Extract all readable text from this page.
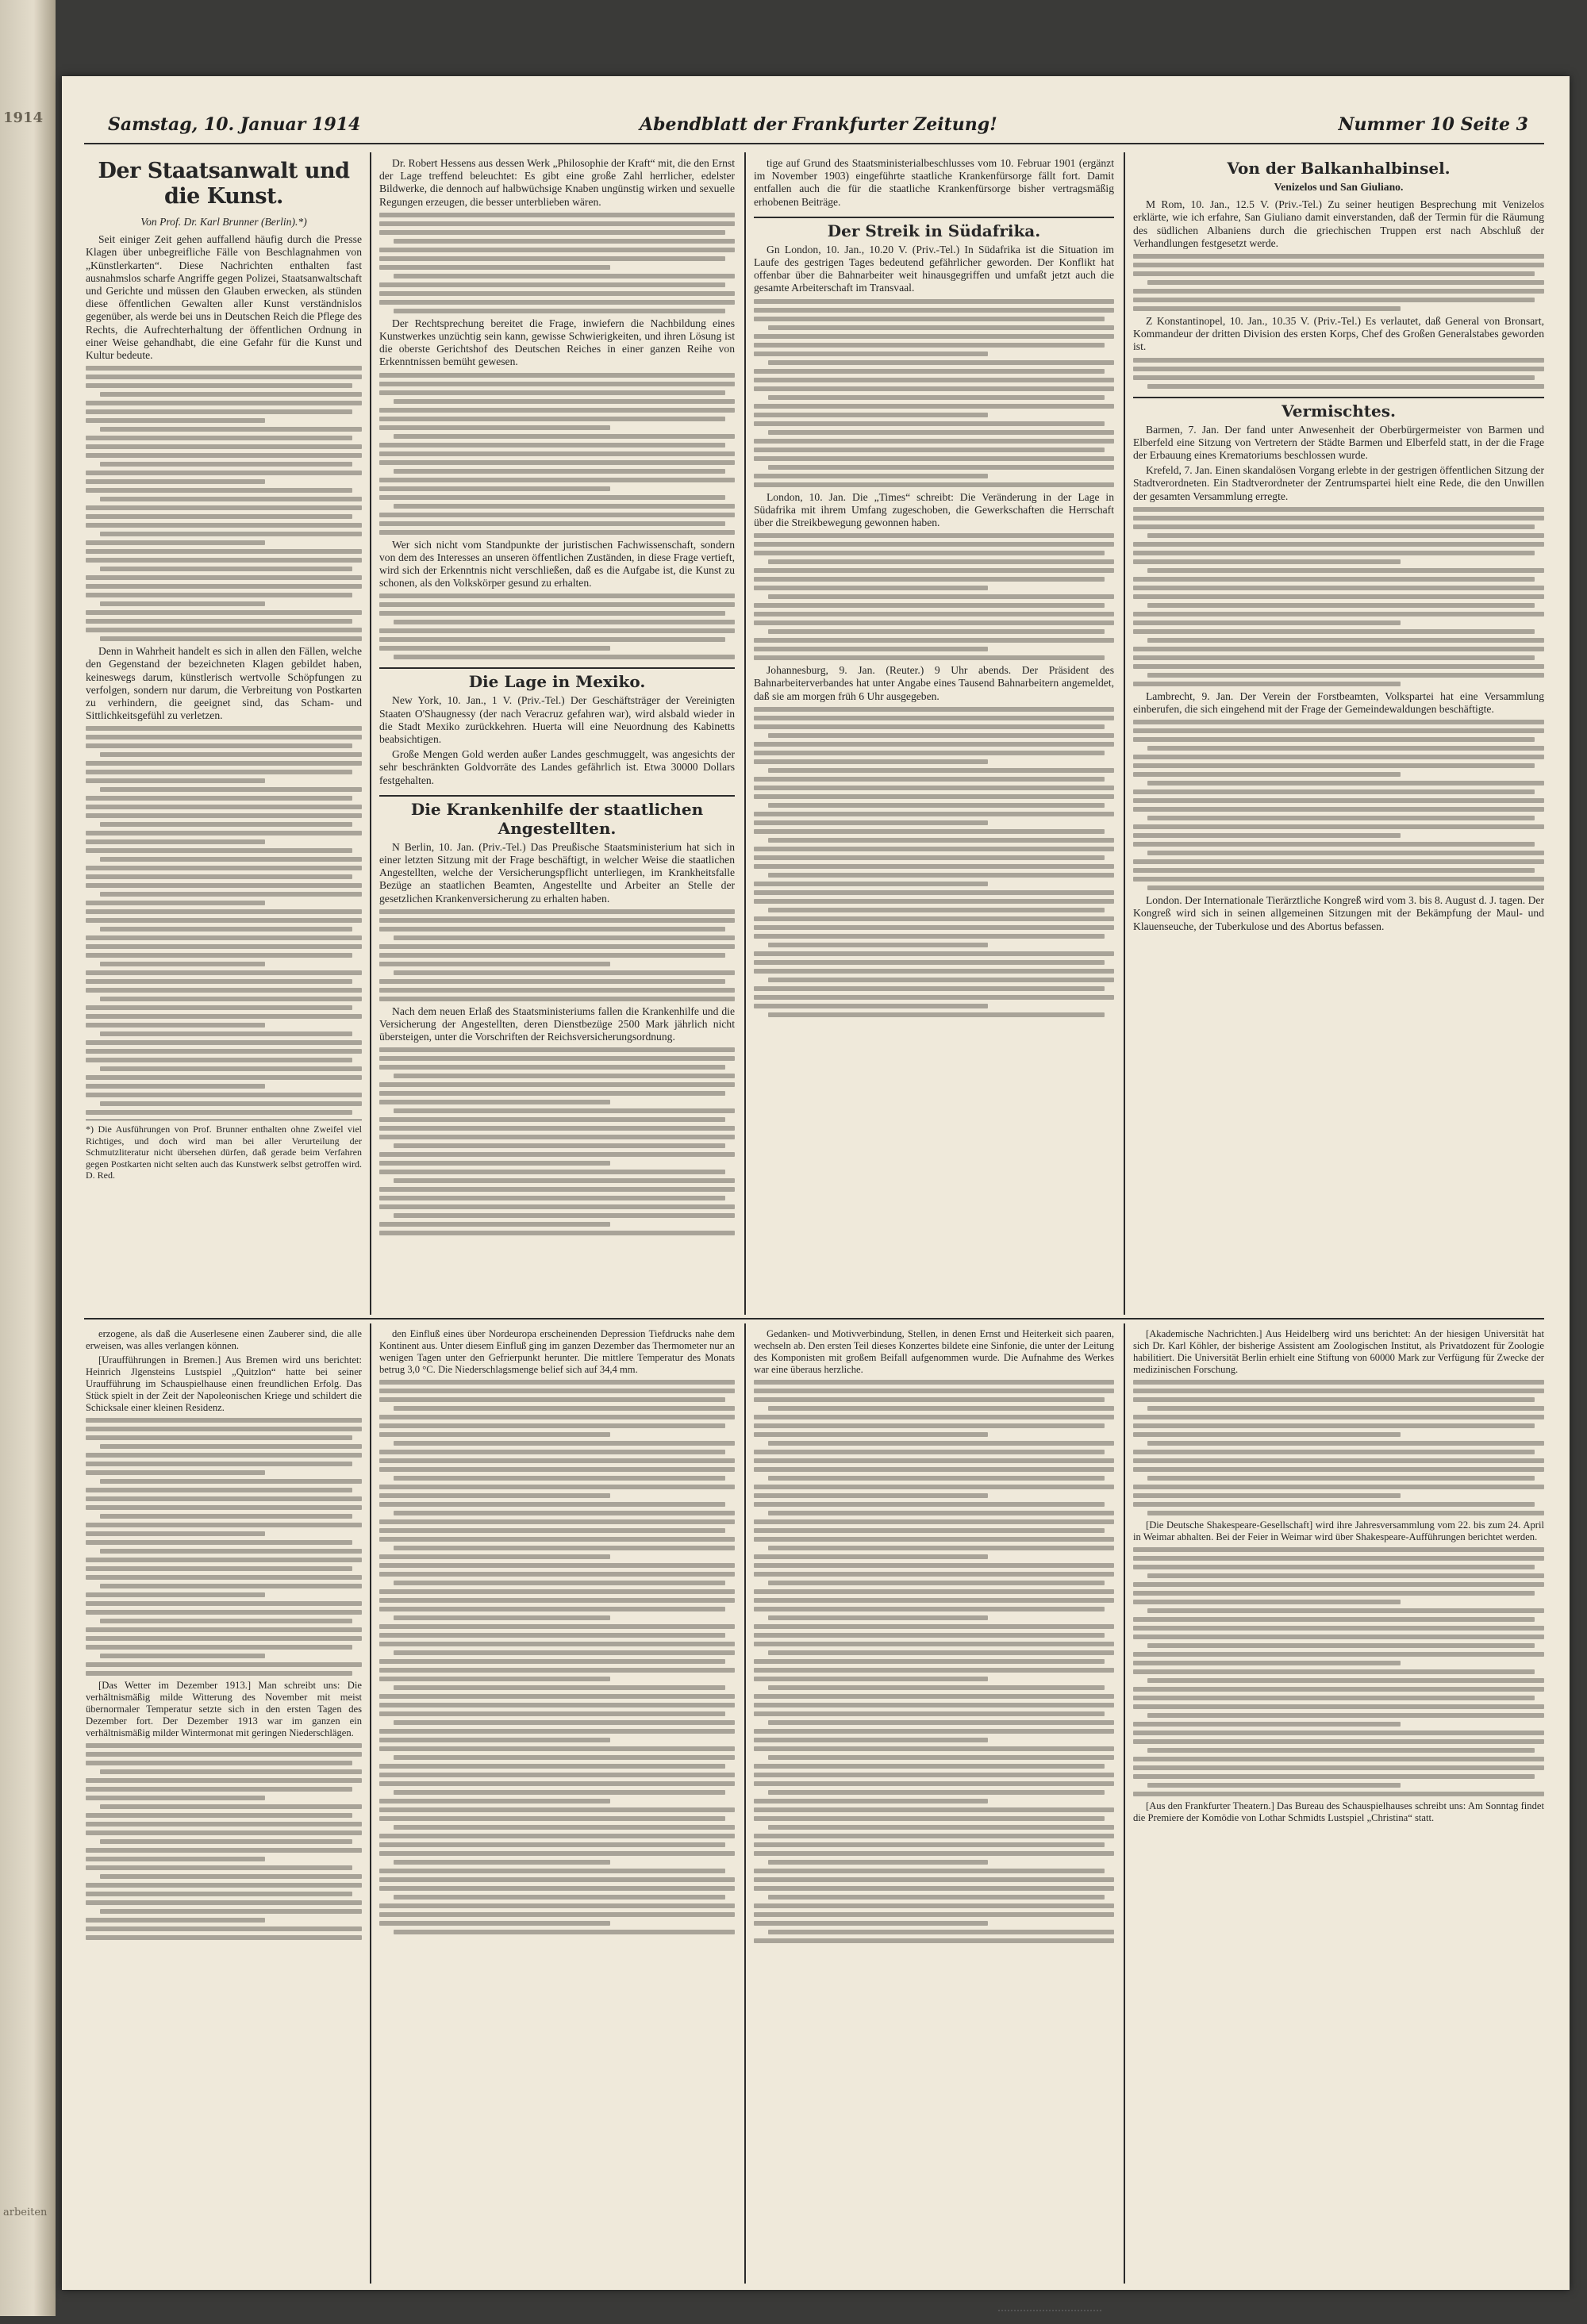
1914
arbeiten
Samstag, 10. Januar 1914	Abendblatt der Frankfurter Zeitung!	Nummer 10 Seite 3
Der Staatsanwalt und die Kunst.
Von Prof. Dr. Karl Brunner (Berlin).*)

Seit einiger Zeit gehen auffallend häufig durch die Presse Klagen über unbegreifliche Fälle von Beschlagnahmen von „Künstlerkarten“. Diese Nachrichten enthalten fast ausnahmslos scharfe Angriffe gegen Polizei, Staatsanwaltschaft und Gerichte und müssen den Glauben erwecken, als stünden diese öffentlichen Gewalten aller Kunst verständnislos gegenüber, als werde bei uns in Deutschen Reich die Pflege des Rechts, die Aufrechterhaltung der öffentlichen Ordnung in einer Weise gehandhabt, die eine Gefahr für die Kunst und Kultur bedeute.

Denn in Wahrheit handelt es sich in allen den Fällen, welche den Gegenstand der bezeichneten Klagen gebildet haben, keineswegs darum, künstlerisch wertvolle Schöpfungen zu verfolgen, sondern nur darum, die Verbreitung von Postkarten zu verhindern, die geeignet sind, das Scham- und Sittlichkeitsgefühl zu verletzen.

*) Die Ausführungen von Prof. Brunner enthalten ohne Zweifel viel Richtiges, und doch wird man bei aller Verurteilung der Schmutzliteratur nicht übersehen dürfen, daß gerade beim Verfahren gegen Postkarten nicht selten auch das Kunstwerk selbst getroffen wird. D. Red.

Dr. Robert Hessens aus dessen Werk „Philosophie der Kraft“ mit, die den Ernst der Lage treffend beleuchtet: Es gibt eine große Zahl herrlicher, edelster Bildwerke, die dennoch auf halbwüchsige Knaben ungünstig wirken und sexuelle Regungen erzeugen, die besser unterblieben wären.

Der Rechtsprechung bereitet die Frage, inwiefern die Nachbildung eines Kunstwerkes unzüchtig sein kann, gewisse Schwierigkeiten, und ihren Lösung ist die oberste Gerichtshof des Deutschen Reiches in einer ganzen Reihe von Erkenntnissen bemüht gewesen.

Wer sich nicht vom Standpunkte der juristischen Fachwissenschaft, sondern von dem des Interesses an unseren öffentlichen Zuständen, in diese Frage vertieft, wird sich der Erkenntnis nicht verschließen, daß es die Aufgabe ist, die Kunst zu schonen, als den Volkskörper gesund zu erhalten.

Die Lage in Mexiko.

New York, 10. Jan., 1 V. (Priv.-Tel.) Der Geschäftsträger der Vereinigten Staaten O'Shaugnessy (der nach Veracruz gefahren war), wird alsbald wieder in die Stadt Mexiko zurückkehren. Huerta will eine Neuordnung des Kabinetts beabsichtigen.

Große Mengen Gold werden außer Landes geschmuggelt, was angesichts der sehr beschränkten Goldvorräte des Landes gefährlich ist. Etwa 30000 Dollars festgehalten.

Die Krankenhilfe der staatlichen Angestellten.

N Berlin, 10. Jan. (Priv.-Tel.) Das Preußische Staatsministerium hat sich in einer letzten Sitzung mit der Frage beschäftigt, in welcher Weise die staatlichen Angestellten, welche der Versicherungspflicht unterliegen, im Krankheitsfalle Bezüge an staatlichen Beamten, Angestellte und Arbeiter an Stelle der gesetzlichen Krankenversicherung zu erhalten haben.

Nach dem neuen Erlaß des Staatsministeriums fallen die Krankenhilfe und die Versicherung der Angestellten, deren Dienstbezüge 2500 Mark jährlich nicht übersteigen, unter die Vorschriften der Reichsversicherungsordnung.

tige auf Grund des Staatsministerialbeschlusses vom 10. Februar 1901 (ergänzt im November 1903) eingeführte staatliche Krankenfürsorge fällt fort. Damit entfallen auch die für die staatliche Krankenfürsorge bisher vertragsmäßig erhobenen Beiträge.

Der Streik in Südafrika.

Gn London, 10. Jan., 10.20 V. (Priv.-Tel.) In Südafrika ist die Situation im Laufe des gestrigen Tages bedeutend gefährlicher geworden. Der Konflikt hat offenbar über die Bahnarbeiter weit hinausgegriffen und umfaßt jetzt auch die gesamte Arbeiterschaft im Transvaal.

London, 10. Jan. Die „Times“ schreibt: Die Veränderung in der Lage in Südafrika mit ihrem Umfang zugeschoben, die Gewerkschaften die Herrschaft über die Streikbewegung gewonnen haben.

Johannesburg, 9. Jan. (Reuter.) 9 Uhr abends. Der Präsident des Bahnarbeiterverbandes hat unter Angabe eines Tausend Bahnarbeitern angemeldet, daß sie am morgen früh 6 Uhr ausgegeben.

Von der Balkanhalbinsel.
Venizelos und San Giuliano.

M Rom, 10. Jan., 12.5 V. (Priv.-Tel.) Zu seiner heutigen Besprechung mit Venizelos erklärte, wie ich erfahre, San Giuliano damit einverstanden, daß der Termin für die Räumung des südlichen Albaniens durch die griechischen Truppen erst nach Abschluß der Verhandlungen festgesetzt werde.

Z Konstantinopel, 10. Jan., 10.35 V. (Priv.-Tel.) Es verlautet, daß General von Bronsart, Kommandeur der dritten Division des ersten Korps, Chef des Großen Generalstabes geworden ist.

Vermischtes.

Barmen, 7. Jan. Der fand unter Anwesenheit der Oberbürgermeister von Barmen und Elberfeld eine Sitzung von Vertretern der Städte Barmen und Elberfeld statt, in der die Frage der Erbauung eines Krematoriums beschlossen wurde.

Krefeld, 7. Jan. Einen skandalösen Vorgang erlebte in der gestrigen öffentlichen Sitzung der Stadtverordneten. Ein Stadtverordneter der Zentrumspartei hielt eine Rede, die den Unwillen der gesamten Versammlung erregte.

Lambrecht, 9. Jan. Der Verein der Forstbeamten, Volkspartei hat eine Versammlung einberufen, die sich eingehend mit der Frage der Gemeindewaldungen beschäftigte.

London. Der Internationale Tierärztliche Kongreß wird vom 3. bis 8. August d. J. tagen. Der Kongreß wird sich in seinen allgemeinen Sitzungen mit der Bekämpfung der Maul- und Klauenseuche, der Tuberkulose und des Abortus befassen.

erzogene, als daß die Auserlesene einen Zauberer sind, die alle erweisen, was alles verlangen können.

[Uraufführungen in Bremen.] Aus Bremen wird uns berichtet: Heinrich Jlgensteins Lustspiel „Quitzlon“ hatte bei seiner Uraufführung im Schauspielhause einen freundlichen Erfolg. Das Stück spielt in der Zeit der Napoleonischen Kriege und schildert die Schicksale einer kleinen Residenz.

[Das Wetter im Dezember 1913.] Man schreibt uns: Die verhältnismäßig milde Witterung des November mit meist übernormaler Temperatur setzte sich in den ersten Tagen des Dezember fort. Der Dezember 1913 war im ganzen ein verhältnismäßig milder Wintermonat mit geringen Niederschlägen.

den Einfluß eines über Nordeuropa erscheinenden Depression Tiefdrucks nahe dem Kontinent aus. Unter diesem Einfluß ging im ganzen Dezember das Thermometer nur an wenigen Tagen unter den Gefrierpunkt herunter. Die mittlere Temperatur des Monats betrug 3,0 °C. Die Niederschlagsmenge belief sich auf 34,4 mm.

Gedanken- und Motivverbindung, Stellen, in denen Ernst und Heiterkeit sich paaren, wechseln ab. Den ersten Teil dieses Konzertes bildete eine Sinfonie, die unter der Leitung des Komponisten mit großem Beifall aufgenommen wurde. Die Aufnahme des Werkes war eine überaus herzliche.

[Akademische Nachrichten.] Aus Heidelberg wird uns berichtet: An der hiesigen Universität hat sich Dr. Karl Köhler, der bisherige Assistent am Zoologischen Institut, als Privatdozent für Zoologie habilitiert. Die Universität Berlin erhielt eine Stiftung von 60000 Mark zur Verfügung für Zwecke der medizinischen Forschung.

[Die Deutsche Shakespeare-Gesellschaft] wird ihre Jahresversammlung vom 22. bis zum 24. April in Weimar abhalten. Bei der Feier in Weimar wird über Shakespeare-Aufführungen berichtet werden.

[Aus den Frankfurter Theatern.] Das Bureau des Schauspielhauses schreibt uns: Am Sonntag findet die Premiere der Komödie von Lothar Schmidts Lustspiel „Christina“ statt.
